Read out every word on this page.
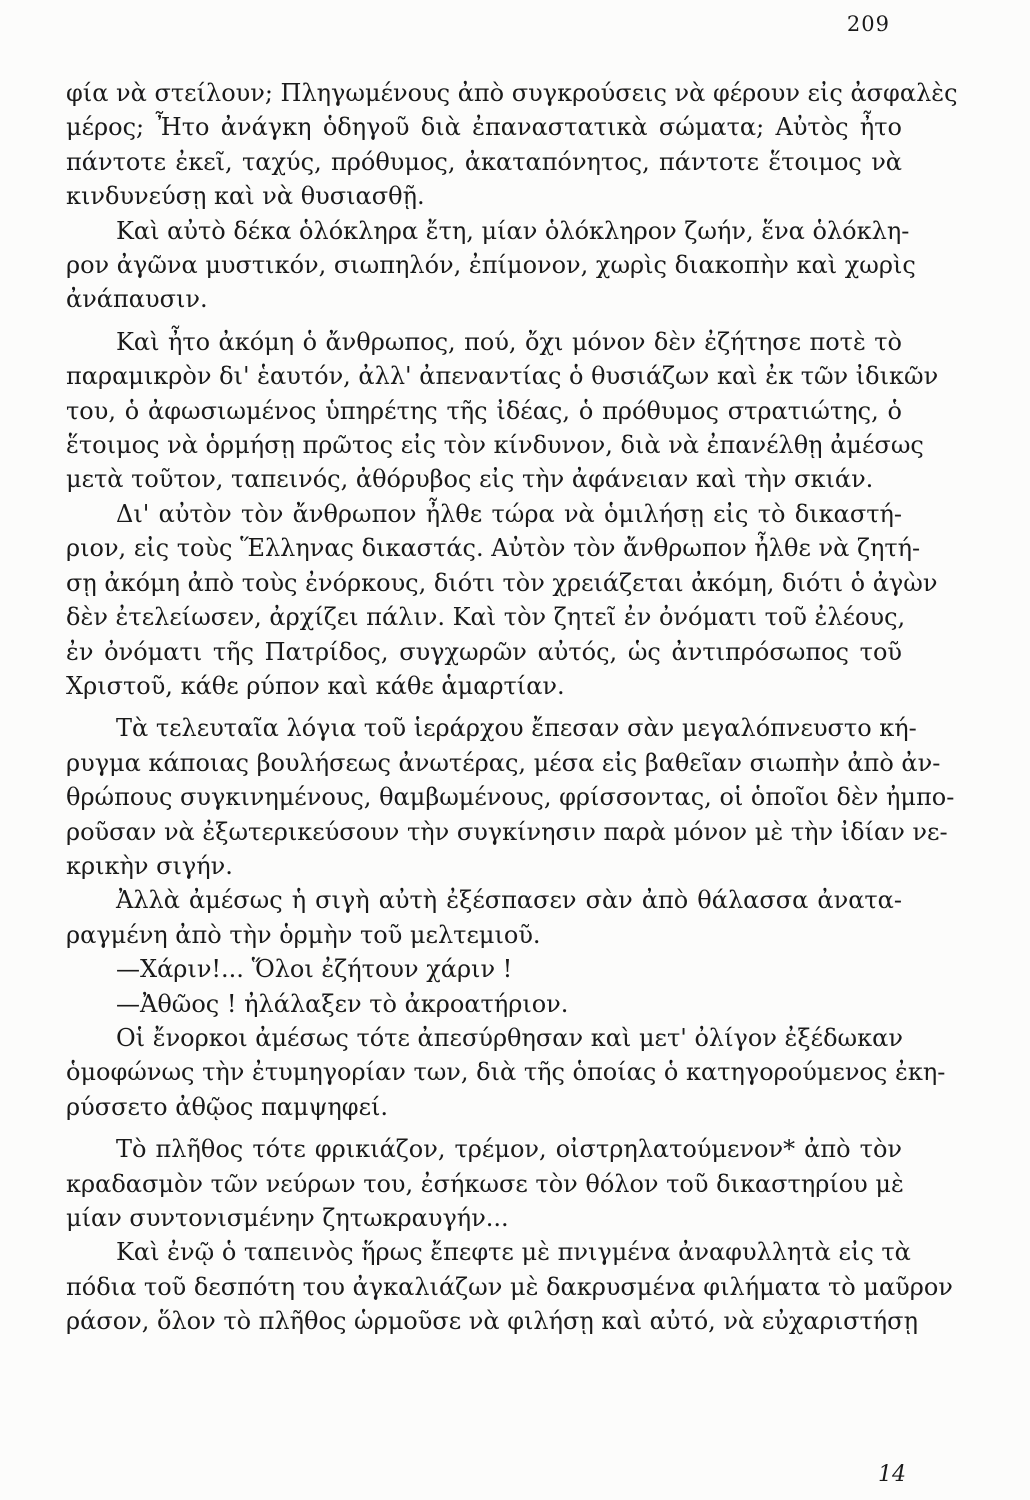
209
φία νὰ στείλουν; Πληγωμένους ἀπὸ συγκρούσεις νὰ φέρουν εἰς ἀσφαλὲς
μέρος; Ἦτο ἀνάγκη ὁδηγοῦ διὰ ἐπαναστατικὰ σώματα; Αὐτὸς ἦτο
πάντοτε ἐκεῖ, ταχύς, πρόθυμος, ἀκαταπόνητος, πάντοτε ἕτοιμος νὰ
κινδυνεύσῃ καὶ νὰ θυσιασθῇ.
Καὶ αὐτὸ δέκα ὁλόκληρα ἔτη, μίαν ὁλόκληρον ζωήν, ἕνα ὁλόκλη-
ρον ἀγῶνα μυστικόν, σιωπηλόν, ἐπίμονον, χωρὶς διακοπὴν καὶ χωρὶς
ἀνάπαυσιν.
Καὶ ἦτο ἀκόμη ὁ ἄνθρωπος, πού, ὄχι μόνον δὲν ἐζήτησε ποτὲ τὸ
παραμικρὸν δι' ἑαυτόν, ἀλλ' ἀπεναντίας ὁ θυσιάζων καὶ ἐκ τῶν ἰδικῶν
του, ὁ ἀφωσιωμένος ὑπηρέτης τῆς ἰδέας, ὁ πρόθυμος στρατιώτης, ὁ
ἕτοιμος νὰ ὁρμήσῃ πρῶτος εἰς τὸν κίνδυνον, διὰ νὰ ἐπανέλθῃ ἀμέσως
μετὰ τοῦτον, ταπεινός, ἀθόρυβος εἰς τὴν ἀφάνειαν καὶ τὴν σκιάν.
Δι' αὐτὸν τὸν ἄνθρωπον ἦλθε τώρα νὰ ὁμιλήσῃ εἰς τὸ δικαστή-
ριον, εἰς τοὺς Ἕλληνας δικαστάς. Αὐτὸν τὸν ἄνθρωπον ἦλθε νὰ ζητή-
σῃ ἀκόμη ἀπὸ τοὺς ἐνόρκους, διότι τὸν χρειάζεται ἀκόμη, διότι ὁ ἀγὼν
δὲν ἐτελείωσεν, ἀρχίζει πάλιν. Καὶ τὸν ζητεῖ ἐν ὀνόματι τοῦ ἐλέους,
ἐν ὀνόματι τῆς Πατρίδος, συγχωρῶν αὐτός, ὡς ἀντιπρόσωπος τοῦ
Χριστοῦ, κάθε ρύπον καὶ κάθε ἁμαρτίαν.
Τὰ τελευταῖα λόγια τοῦ ἱεράρχου ἔπεσαν σὰν μεγαλόπνευστο κή-
ρυγμα κάποιας βουλήσεως ἀνωτέρας, μέσα εἰς βαθεῖαν σιωπὴν ἀπὸ ἀν-
θρώπους συγκινημένους, θαμβωμένους, φρίσσοντας, οἱ ὁποῖοι δὲν ἠμπο-
ροῦσαν νὰ ἐξωτερικεύσουν τὴν συγκίνησιν παρὰ μόνον μὲ τὴν ἰδίαν νε-
κρικὴν σιγήν.
Ἀλλὰ ἀμέσως ἡ σιγὴ αὐτὴ ἐξέσπασεν σὰν ἀπὸ θάλασσα ἀνατα-
ραγμένη ἀπὸ τὴν ὁρμὴν τοῦ μελτεμιοῦ.
—Χάριν!... Ὅλοι ἐζήτουν χάριν !
—Ἀθῶος ! ἠλάλαξεν τὸ ἀκροατήριον.
Οἱ ἔνορκοι ἀμέσως τότε ἀπεσύρθησαν καὶ μετ' ὀλίγον ἐξέδωκαν
ὁμοφώνως τὴν ἐτυμηγορίαν των, διὰ τῆς ὁποίας ὁ κατηγορούμενος ἐκη-
ρύσσετο ἀθῷος παμψηφεί.
Τὸ πλῆθος τότε φρικιάζον, τρέμον, οἰστρηλατούμενον* ἀπὸ τὸν
κραδασμὸν τῶν νεύρων του, ἐσήκωσε τὸν θόλον τοῦ δικαστηρίου μὲ
μίαν συντονισμένην ζητωκραυγήν...
Καὶ ἐνῷ ὁ ταπεινὸς ἥρως ἔπεφτε μὲ πνιγμένα ἀναφυλλητὰ εἰς τὰ
πόδια τοῦ δεσπότη του ἀγκαλιάζων μὲ δακρυσμένα φιλήματα τὸ μαῦρον
ράσον, ὅλον τὸ πλῆθος ὡρμοῦσε νὰ φιλήσῃ καὶ αὐτό, νὰ εὐχαριστήσῃ
14
